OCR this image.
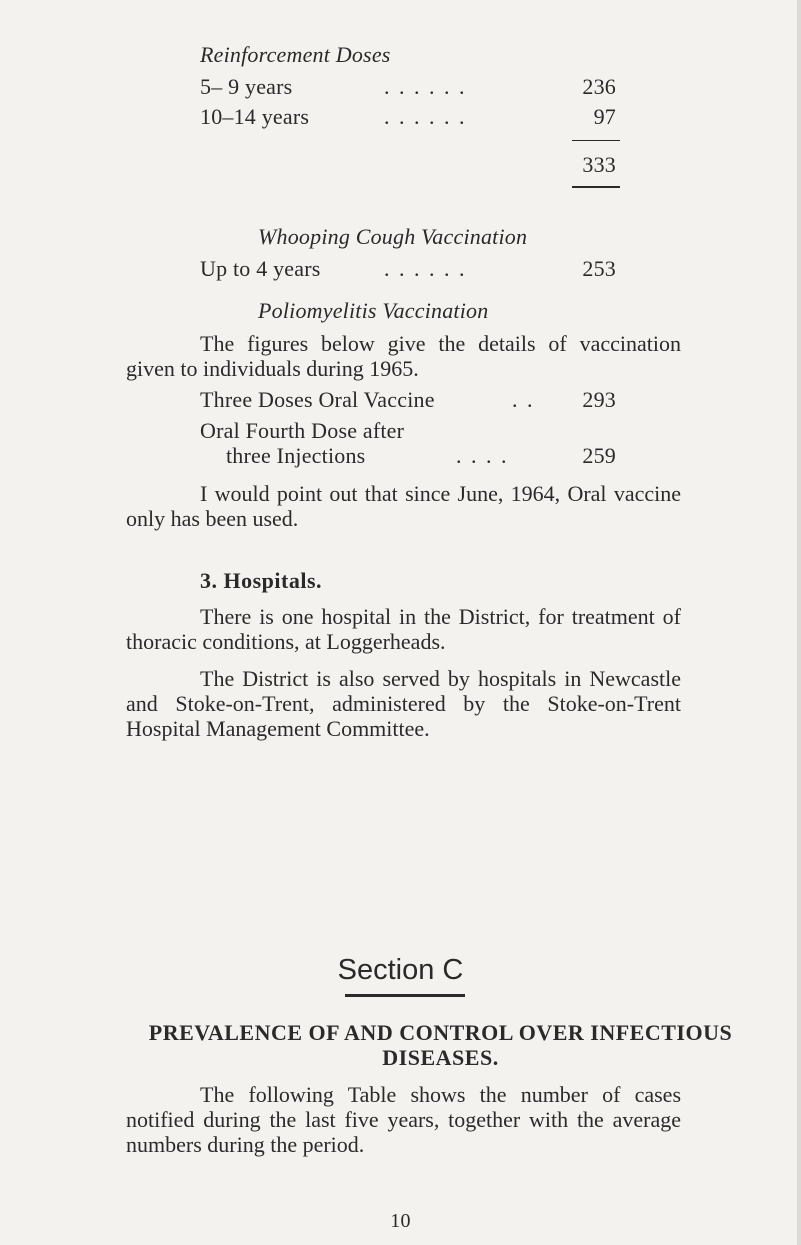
Reinforcement Doses
5– 9 years	. . . . . .	236
10–14 years	. . . . . .	97
333
Whooping Cough Vaccination
Up to 4 years	. . . . . .	253
Poliomyelitis Vaccination
The figures below give the details of vaccination given to individuals during 1965.
Three Doses Oral Vaccine	. .	293
Oral Fourth Dose after
three Injections	. . . .	259
I would point out that since June, 1964, Oral vaccine only has been used.
3. Hospitals.
There is one hospital in the District, for treatment of thoracic conditions, at Loggerheads.
The District is also served by hospitals in Newcastle and Stoke-on-Trent, administered by the Stoke-on-Trent Hospital Management Committee.
Section C
PREVALENCE OF AND CONTROL OVER INFECTIOUS
DISEASES.
The following Table shows the number of cases notified during the last five years, together with the average numbers during the period.
10
